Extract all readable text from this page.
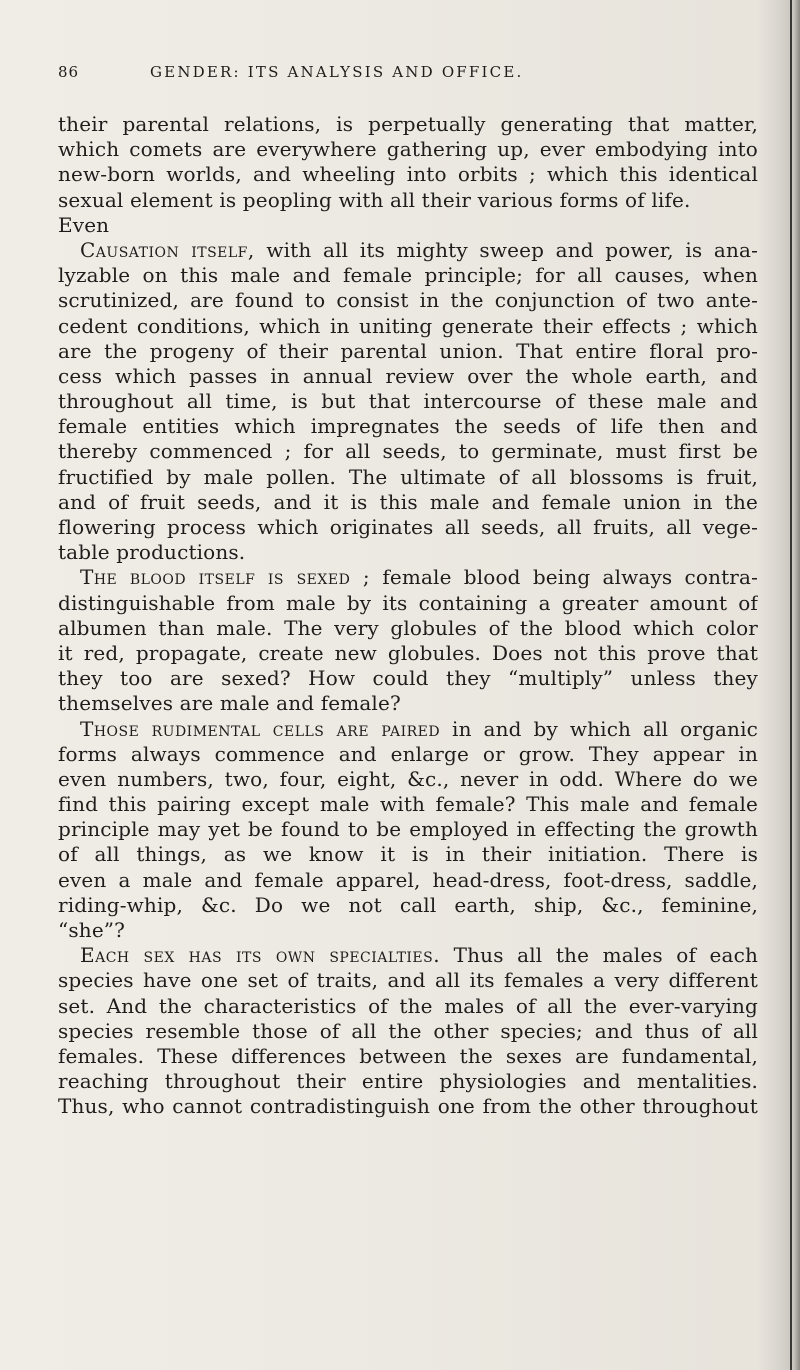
86	GENDER: ITS ANALYSIS AND OFFICE.
their parental relations, is perpetually generating that matter,
which comets are everywhere gathering up, ever embodying into
new-born worlds, and wheeling into orbits ; which this identical
sexual element is peopling with all their various forms of life.
Even
Causation itself, with all its mighty sweep and power, is ana-
lyzable on this male and female principle; for all causes, when
scrutinized, are found to consist in the conjunction of two ante-
cedent conditions, which in uniting generate their effects ; which
are the progeny of their parental union. That entire floral pro-
cess which passes in annual review over the whole earth, and
throughout all time, is but that intercourse of these male and
female entities which impregnates the seeds of life then and
thereby commenced ; for all seeds, to germinate, must first be
fructified by male pollen. The ultimate of all blossoms is fruit,
and of fruit seeds, and it is this male and female union in the
flowering process which originates all seeds, all fruits, all vege-
table productions.
The blood itself is sexed ; female blood being always contra-
distinguishable from male by its containing a greater amount of
albumen than male. The very globules of the blood which color
it red, propagate, create new globules. Does not this prove that
they too are sexed? How could they “multiply” unless they
themselves are male and female?
Those rudimental cells are paired in and by which all organic
forms always commence and enlarge or grow. They appear in
even numbers, two, four, eight, &c., never in odd. Where do we
find this pairing except male with female? This male and female
principle may yet be found to be employed in effecting the growth
of all things, as we know it is in their initiation. There is
even a male and female apparel, head-dress, foot-dress, saddle,
riding-whip, &c. Do we not call earth, ship, &c., feminine,
“she”?
Each sex has its own specialties. Thus all the males of each
species have one set of traits, and all its females a very different
set. And the characteristics of the males of all the ever-varying
species resemble those of all the other species; and thus of all
females. These differences between the sexes are fundamental,
reaching throughout their entire physiologies and mentalities.
Thus, who cannot contradistinguish one from the other throughout
